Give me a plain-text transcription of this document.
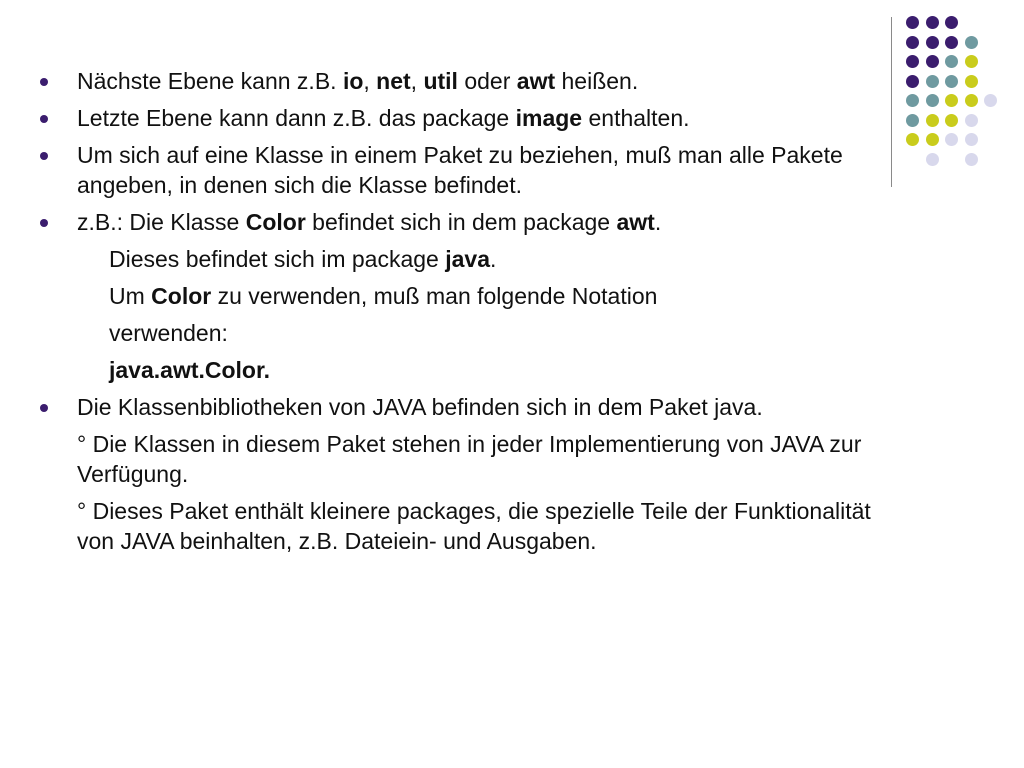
Nächste Ebene kann z.B. io, net, util oder awt heißen.
Letzte Ebene kann dann z.B. das package image enthalten.
Um sich auf eine Klasse in einem Paket zu beziehen, muß man alle Pakete angeben, in denen sich die Klasse befindet.
z.B.: Die Klasse Color befindet sich in dem package awt.
Dieses befindet sich im package java.
Um Color zu verwenden, muß man folgende Notation
verwenden:
java.awt.Color.
Die Klassenbibliotheken von JAVA befinden sich in dem Paket java.
° Die Klassen in diesem Paket stehen in jeder Implementierung von JAVA zur Verfügung.
° Dieses Paket enthält kleinere packages, die spezielle Teile der Funktionalität von JAVA beinhalten, z.B. Dateiein- und Ausgaben.
